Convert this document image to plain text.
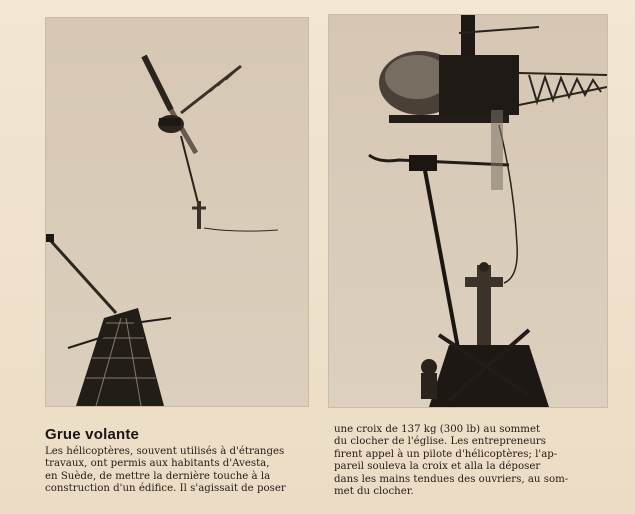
Grue volante
Les hélicoptères, souvent utilisés à d'étranges
travaux, ont permis aux habitants d'Avesta,
en Suède, de mettre la dernière touche à la
construction d'un édifice. Il s'agissait de poser
une croix de 137 kg (300 lb) au sommet
du clocher de l'église. Les entrepreneurs
firent appel à un pilote d'hélicoptères; l'ap-
pareil souleva la croix et alla la déposer
dans les mains tendues des ouvriers, au som-
met du clocher.
